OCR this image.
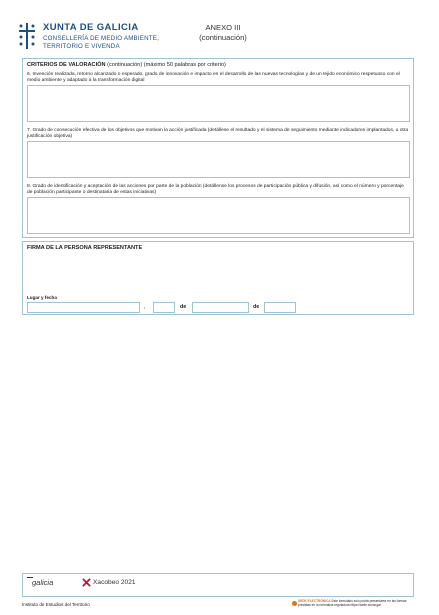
XUNTA DE GALICIA
CONSELLERÍA DE MEDIO AMBIENTE,
TERRITORIO E VIVENDA
ANEXO III
(continuación)
CRITERIOS DE VALORACIÓN (continuación) (máximo 50 palabras por criterio)
6. Invención realizada, retorno alcanzado o esperado, grado de innovación e impacto en el desarrollo de las nuevas tecnologías y de un tejido económico respetuoso con el medio ambiente y adaptado a la transformación digital
7. Grado de consecución efectiva de los objetivos que motivan la acción justificada (detállese el resultado y el sistema de seguimiento mediante indicadores implantados, u otra justificación objetiva)
8. Grado de identificación y aceptación de las acciones por parte de la población (detállense los procesos de participación pública y difusión, así como el número y porcentaje de población participante o destinataria de estas iniciativas)
FIRMA DE LA PERSONA REPRESENTANTE
Lugar y fecha
,	de	de
galicia	Xacobeo 2021
Instituto de Estudios del Territorio
SEDE ELECTRÓNICA Este formulario solo podrá presentarse en las formas previstas en la normativa reguladora https://sede.xunta.gal
